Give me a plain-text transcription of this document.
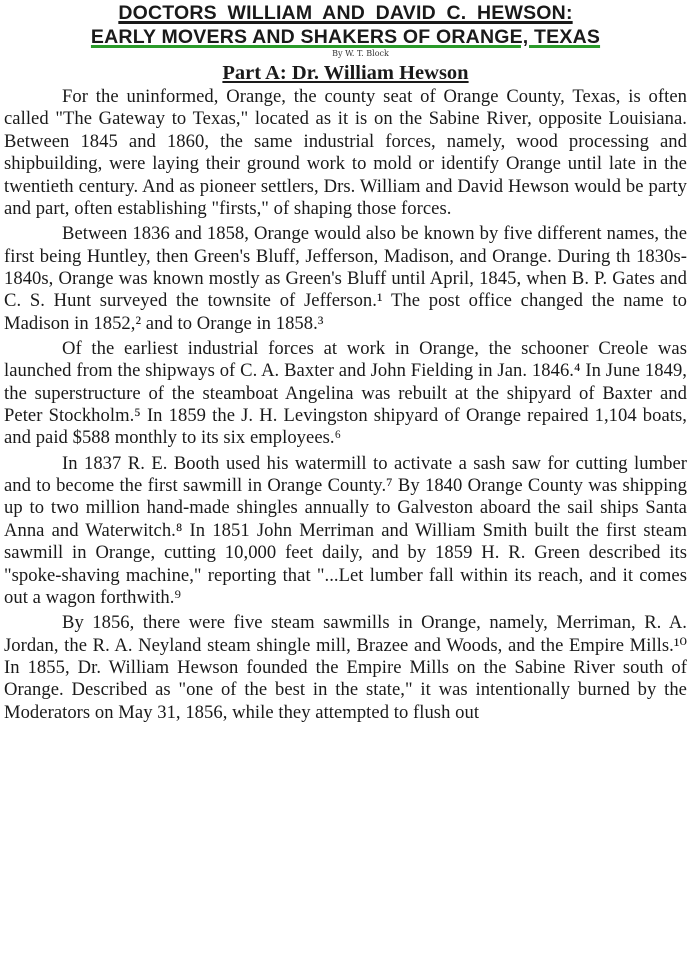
DOCTORS WILLIAM AND DAVID C. HEWSON:
EARLY MOVERS AND SHAKERS OF ORANGE, TEXAS
By W. T. Block
Part A: Dr. William Hewson

For the uninformed, Orange, the county seat of Orange County, Texas, is often called "The Gateway to Texas," located as it is on the Sabine River, opposite Louisiana. Between 1845 and 1860, the same industrial forces, namely, wood processing and shipbuilding, were laying their ground work to mold or identify Orange until late in the twentieth century. And as pioneer settlers, Drs. William and David Hewson would be party and part, often establishing "firsts," of shaping those forces.

Between 1836 and 1858, Orange would also be known by five different names, the first being Huntley, then Green's Bluff, Jefferson, Madison, and Orange. During th 1830s-1840s, Orange was known mostly as Green's Bluff until April, 1845, when B. P. Gates and C. S. Hunt surveyed the townsite of Jefferson.¹ The post office changed the name to Madison in 1852,² and to Orange in 1858.³

Of the earliest industrial forces at work in Orange, the schooner Creole was launched from the shipways of C. A. Baxter and John Fielding in Jan. 1846.⁴ In June 1849, the superstructure of the steamboat Angelina was rebuilt at the shipyard of Baxter and Peter Stockholm.⁵ In 1859 the J. H. Levingston shipyard of Orange repaired 1,104 boats, and paid $588 monthly to its six employees.⁶

In 1837 R. E. Booth used his watermill to activate a sash saw for cutting lumber and to become the first sawmill in Orange County.⁷ By 1840 Orange County was shipping up to two million hand-made shingles annually to Galveston aboard the sail ships Santa Anna and Waterwitch.⁸ In 1851 John Merriman and William Smith built the first steam sawmill in Orange, cutting 10,000 feet daily, and by 1859 H. R. Green described its "spoke-shaving machine," reporting that "...Let lumber fall within its reach, and it comes out a wagon forthwith.⁹

By 1856, there were five steam sawmills in Orange, namely, Merriman, R. A. Jordan, the R. A. Neyland steam shingle mill, Brazee and Woods, and the Empire Mills.¹⁰ In 1855, Dr. William Hewson founded the Empire Mills on the Sabine River south of Orange. Described as "one of the best in the state," it was intentionally burned by the Moderators on May 31, 1856, while they attempted to flush out
